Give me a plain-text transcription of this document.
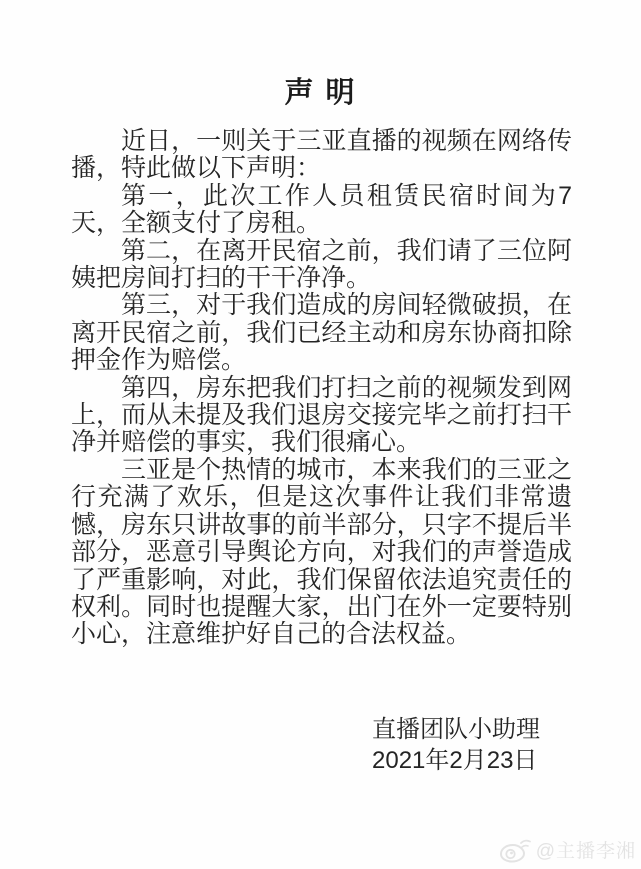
声 明

近日，一则关于三亚直播的视频在网络传播，特此做以下声明：

第一，此次工作人员租赁民宿时间为7天，全额支付了房租。

第二，在离开民宿之前，我们请了三位阿姨把房间打扫的干干净净。

第三，对于我们造成的房间轻微破损，在离开民宿之前，我们已经主动和房东协商扣除押金作为赔偿。

第四，房东把我们打扫之前的视频发到网上，而从未提及我们退房交接完毕之前打扫干净并赔偿的事实，我们很痛心。

三亚是个热情的城市，本来我们的三亚之行充满了欢乐，但是这次事件让我们非常遗憾，房东只讲故事的前半部分，只字不提后半部分，恶意引导舆论方向，对我们的声誉造成了严重影响，对此，我们保留依法追究责任的权利。同时也提醒大家，出门在外一定要特别小心，注意维护好自己的合法权益。

直播团队小助理
2021年2月23日
@主播李湘
